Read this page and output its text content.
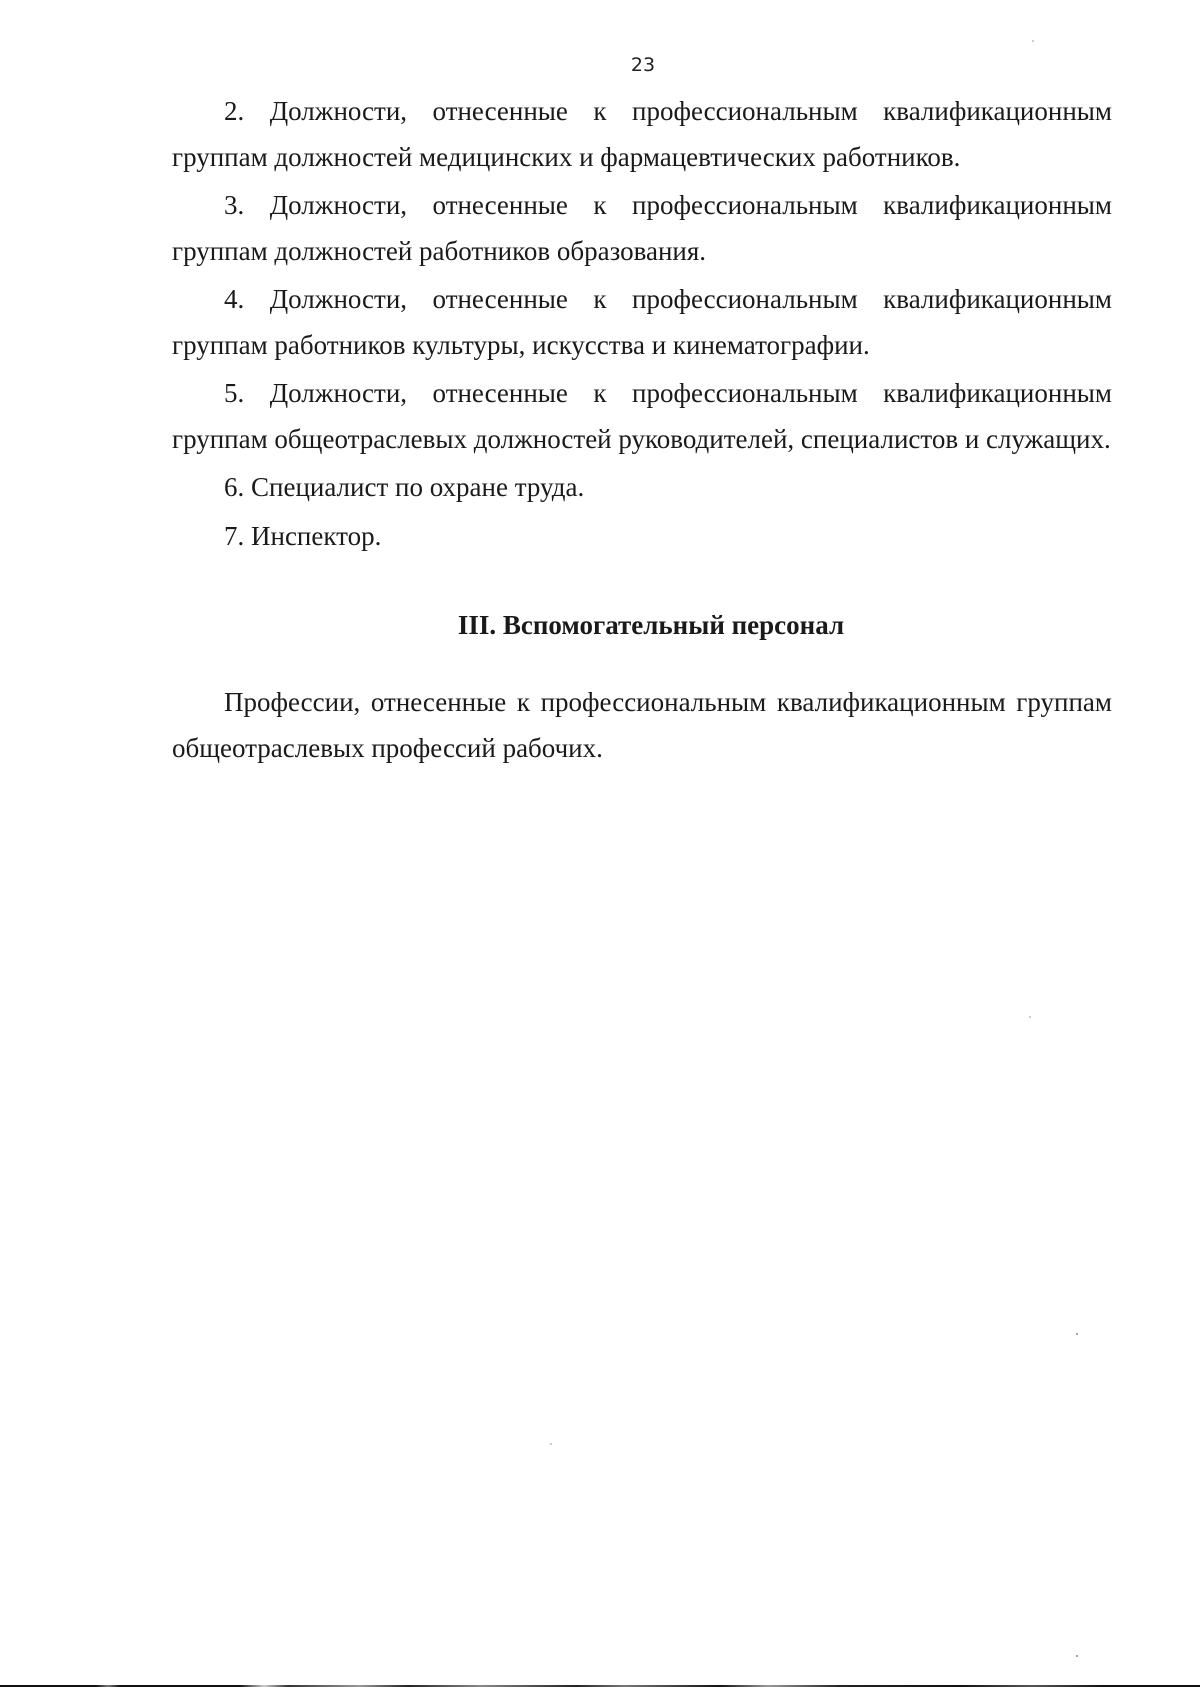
23

2. Должности, отнесенные к профессиональным квалификационным группам должностей медицинских и фармацевтических работников.

3. Должности, отнесенные к профессиональным квалификационным группам должностей работников образования.

4. Должности, отнесенные к профессиональным квалификационным группам работников культуры, искусства и кинематографии.

5. Должности, отнесенные к профессиональным квалификационным группам общеотраслевых должностей руководителей, специалистов и служащих.

6. Специалист по охране труда.

7. Инспектор.

III. Вспомогательный персонал

Профессии, отнесенные к профессиональным квалификационным группам общеотраслевых профессий рабочих.
